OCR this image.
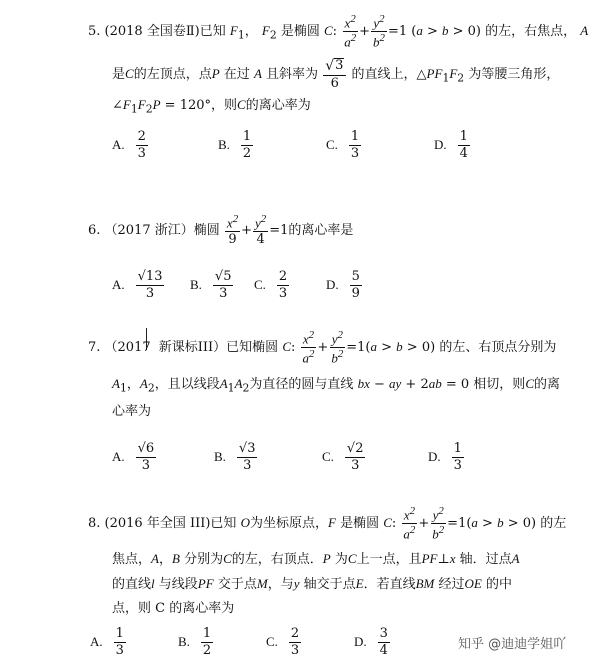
5. (2018 全国卷Ⅱ)已知 $F_1$， $F_2$ 是椭圆 C: $\frac{x^2}{a^2} + \frac{y^2}{b^2} =1$ (a > b > 0) 的左，右焦点， A
是C的左顶点，点P 在过 A 且斜率为 $\frac{√ 3}{6}$ 的直线上，$\triangle PF_1F_2$ 为等腰三角形，
$\angle F_1F_2P = 120^\circ$，则C的离心率为
A. $\frac{2}{3}$	B. $\frac{1}{2}$	C. $\frac{1}{3}$	D. $\frac{1}{4}$
6. （2017 浙江）椭圆 $\frac{x^2}{9} + \frac{y^2}{4} =1$的离心率是
A. $\frac{√13}{3} B$. $\frac{√5}{3} C$. $\frac{2}{3}$	D. $\frac{5}{9}$
7. （2017 新课标III）已知椭圆 C: $\frac{x^2}{a^2} + \frac{y^2}{b^2} =1(a > b > 0)$ 的左、右顶点分别为
$A_1$，$A_2$，且以线段$A_1A_2$为直径的圆与直线 bx − ay + 2ab = 0 相切，则C的离
心率为
A. $\frac{√6}{3}$	B. $\frac{√3}{3}$	C. $\frac{√2}{3}$	D. $\frac{1}{3}$
8. (2016 年全国 III)已知 O为坐标原点，F 是椭圆 C: $\frac{x^2}{a^2} + \frac{y^2}{b^2} =1(a > b > 0)$ 的左
焦点，A，B 分别为C的左，右顶点．P 为C上一点，且PF⊥x 轴．过点A
的直线l 与线段PF 交于点M，与y 轴交于点E．若直线BM 经过OE 的中
点，则 C 的离心率为
A. $\frac{1}{3}$	B. $\frac{1}{2}$	C. $\frac{2}{3}$	D. $\frac{3}{4}$	知乎 @迪迪学姐吖
